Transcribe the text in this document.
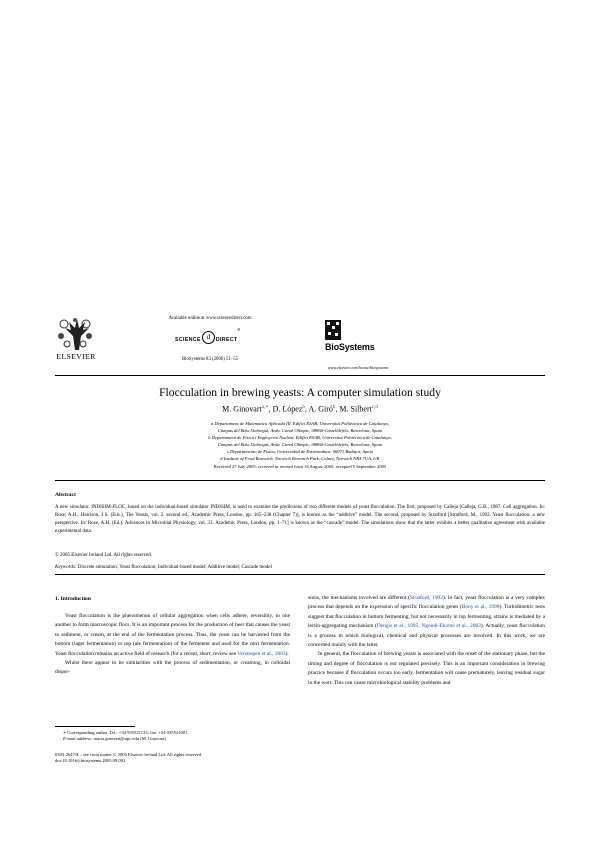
ELSEVIER
Available online at www.sciencedirect.com
SCIENCE d DIRECT®
BioSystems 83 (2006) 51–55
BioSystems
www.elsevier.com/locate/biosystems
Flocculation in brewing yeasts: A computer simulation study
M. Ginovart$^{a,∗}$, D. López$^b$, A. Giró$^b$, M. Silbert$^{c,d}$
a Departament de Matemàtica Aplicada III, Edifici ESAB, Universitat Politècnica de Catalunya,
Campus del Baix Llobregat, Avda. Canal Olímpic, 08860-Castelldefels, Barcelona, Spain
b Departament de Física i Enginyeria Nuclear, Edifici ESAB, Universitat Politècnica de Catalunya,
Campus del Baix Llobregat, Avda. Canal Olímpic, 08860-Castelldefels, Barcelona, Spain
c Departamento de Física, Universidad de Extremadura, 06071 Badajoz, Spain
d Institute of Food Research, Norwich Research Park, Colney, Norwich NR4 7UA, UK
Received 27 July 2005; received in revised form 14 August 2005; accepted 5 September 2005
Abstract
A new simulator, INDISIM-FLOC, based on the individual-based simulator INDISIM, is used to examine the predictions of two different models of yeast flocculation. The first, proposed by Calleja [Calleja, G.B., 1987. Cell aggregation. In: Rose, A.H., Harrison, J.S. (Eds.), The Yeasts, vol. 2. second ed., Academic Press, London, pp. 165–238 (Chapter 7)], is known as the “additive” model. The second, proposed by Stratford [Stratford, M., 1992. Yeast flocculation: a new perspective. In: Rose, A.H. (Ed.), Advances in Microbial Physiology, vol. 33. Academic Press, London, pp. 1–71] is known as the “cascade” model. The simulations show that the latter exhibits a better qualitative agreement with available experimental data.
© 2005 Elsevier Ireland Ltd. All rights reserved.
Keywords: Discrete simulation; Yeast flocculation; Individual-based model; Additive model; Cascade model
1. Introduction

Yeast flocculation is the phenomenon of cellular aggregation when cells adhere, reversibly, to one another to form macroscopic flocs. It is an important process for the production of beer that causes the yeast to sediment, or cream, at the end of the fermentation process. Thus, the yeast can be harvested from the bottom (lager fermentation) or top (ale fermentation) of the fermenter and used for the next fermentation. Yeast flocculation remains an active field of research (for a recent, short, review see Verstrepen et al., 2003).

Whilst there appear to be similarities with the process of sedimentation, or creaming, in colloidal disper-

sions, the mechanisms involved are different (Stratford, 1992). In fact, yeast flocculation is a very complex process that depends on the expression of specific flocculation genes (Bony et al., 1998). Turbidimetric tests suggest that flocculation in bottom fermenting, but not necessarily in top fermenting, strains is mediated by a lectin-aggregating mechanism (Dengis et al., 1995; Ngondi-Ekome et al., 2003). Actually, yeast flocculation is a process in which biological, chemical and physical processes are involved. In this work, we are concerned mainly with the latter.

In general, the flocculation of brewing yeasts is associated with the onset of the stationary phase, but the timing and degree of flocculation is not regulated precisely. This is an important consideration in brewing practice because if flocculation occurs too early, fermentation will cease prematurely, leaving residual sugar in the wort. This can cause microbiological stability problems and

∗ Corresponding author. Tel.: +34 935521133; fax: +34 935521001.
E-mail address: marta.ginovart@upc.edu (M. Ginovart).
0303-2647/$ – see front matter © 2005 Elsevier Ireland Ltd. All rights reserved.
doi:10.1016/j.biosystems.2005.09.002
